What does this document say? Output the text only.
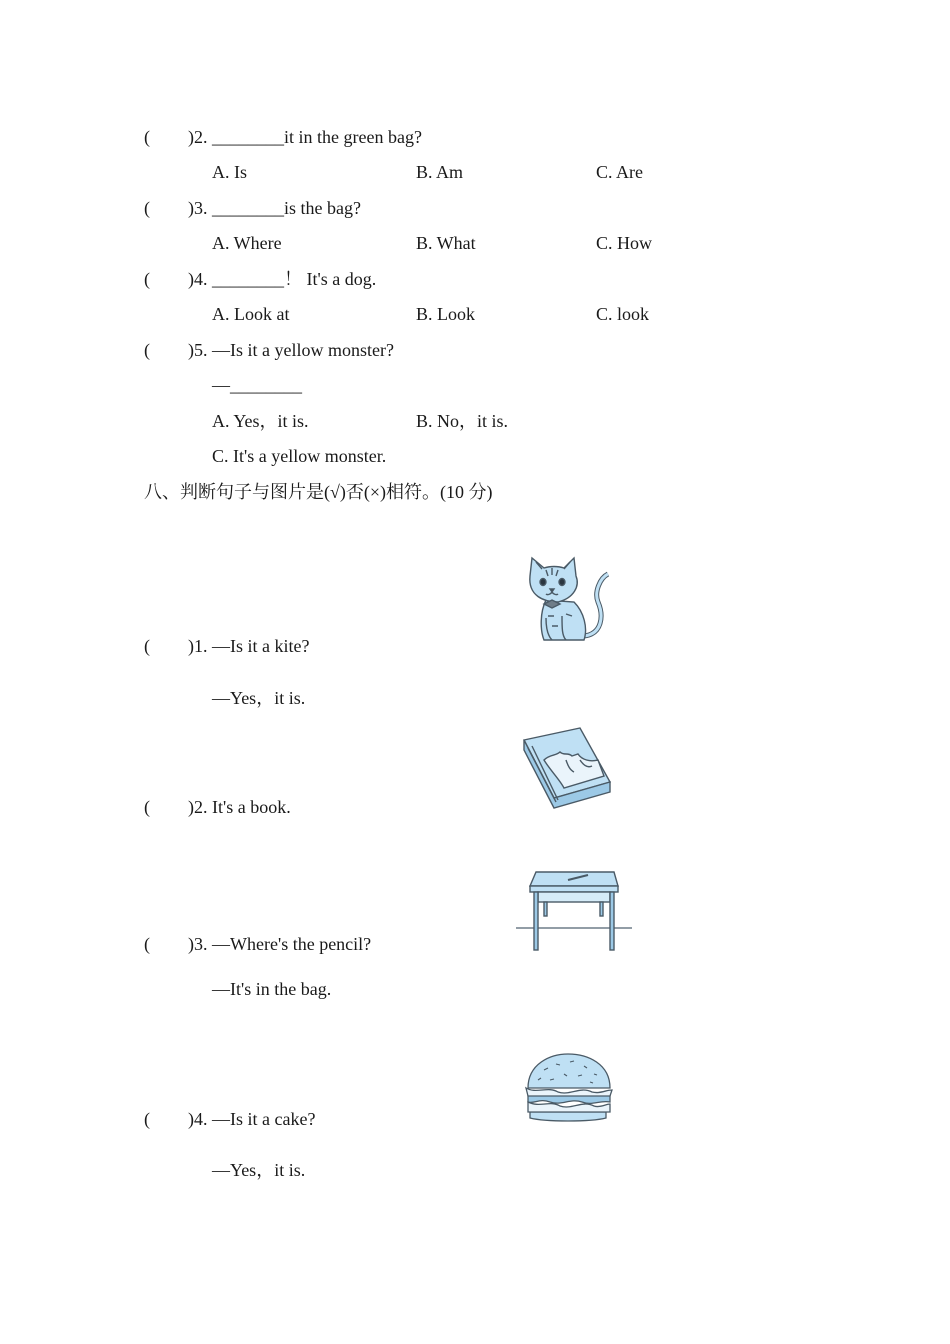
( )2. ________it in the green bag?
A. Is	B. Am	C. Are
( )3. ________is the bag?
A. Where	B. What	C. How
( )4. ________！ It's a dog.
A. Look at	B. Look	C. look
( )5. —Is it a yellow monster?
—________
A. Yes，it is.	B. No，it is.
C. It's a yellow monster.
八、判断句子与图片是(√)否(×)相符。(10 分)
( )1. —Is it a kite?
—Yes，it is.
( )2. It's a book.
( )3. —Where's the pencil?
—It's in the bag.
( )4. —Is it a cake?
—Yes，it is.
